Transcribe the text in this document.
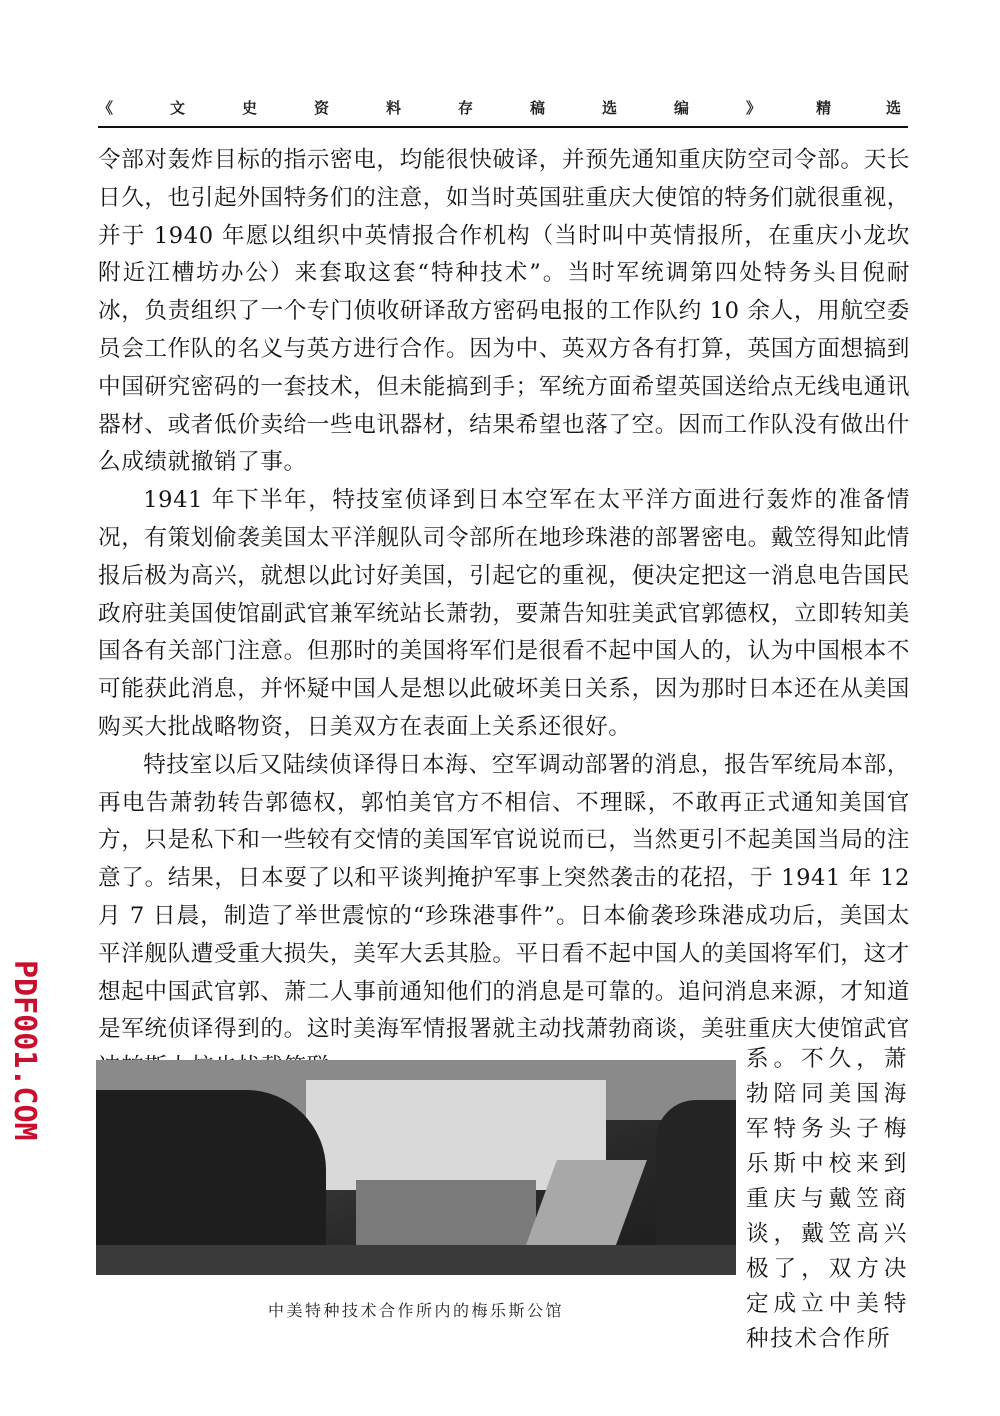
《	文	史	资	料	存	稿	选	编	》	精	选

令部对轰炸目标的指示密电，均能很快破译，并预先通知重庆防空司令部。天长日久，也引起外国特务们的注意，如当时英国驻重庆大使馆的特务们就很重视，并于 1940 年愿以组织中英情报合作机构（当时叫中英情报所，在重庆小龙坎附近江槽坊办公）来套取这套“特种技术”。当时军统调第四处特务头目倪耐冰，负责组织了一个专门侦收研译敌方密码电报的工作队约 10 余人，用航空委员会工作队的名义与英方进行合作。因为中、英双方各有打算，英国方面想搞到中国研究密码的一套技术，但未能搞到手；军统方面希望英国送给点无线电通讯器材、或者低价卖给一些电讯器材，结果希望也落了空。因而工作队没有做出什么成绩就撤销了事。

1941 年下半年，特技室侦译到日本空军在太平洋方面进行轰炸的准备情况，有策划偷袭美国太平洋舰队司令部所在地珍珠港的部署密电。戴笠得知此情报后极为高兴，就想以此讨好美国，引起它的重视，便决定把这一消息电告国民政府驻美国使馆副武官兼军统站长萧勃，要萧告知驻美武官郭德权，立即转知美国各有关部门注意。但那时的美国将军们是很看不起中国人的，认为中国根本不可能获此消息，并怀疑中国人是想以此破坏美日关系，因为那时日本还在从美国购买大批战略物资，日美双方在表面上关系还很好。

特技室以后又陆续侦译得日本海、空军调动部署的消息，报告军统局本部，再电告萧勃转告郭德权，郭怕美官方不相信、不理睬，不敢再正式通知美国官方，只是私下和一些较有交情的美国军官说说而已，当然更引不起美国当局的注意了。结果，日本耍了以和平谈判掩护军事上突然袭击的花招，于 1941 年 12 月 7 日晨，制造了举世震惊的“珍珠港事件”。日本偷袭珍珠港成功后，美国太平洋舰队遭受重大损失，美军大丢其脸。平日看不起中国人的美国将军们，这才想起中国武官郭、萧二人事前通知他们的消息是可靠的。追问消息来源，才知道是军统侦译得到的。这时美海军情报署就主动找萧勃商谈，美驻重庆大使馆武官

中美特种技术合作所内的梅乐斯公馆

系。不久，萧勃陪同美国海军特务头子梅乐斯中校来到重庆与戴笠商谈，戴笠高兴极了，双方决定成立中美特种技术合作所

PDF001.COM
